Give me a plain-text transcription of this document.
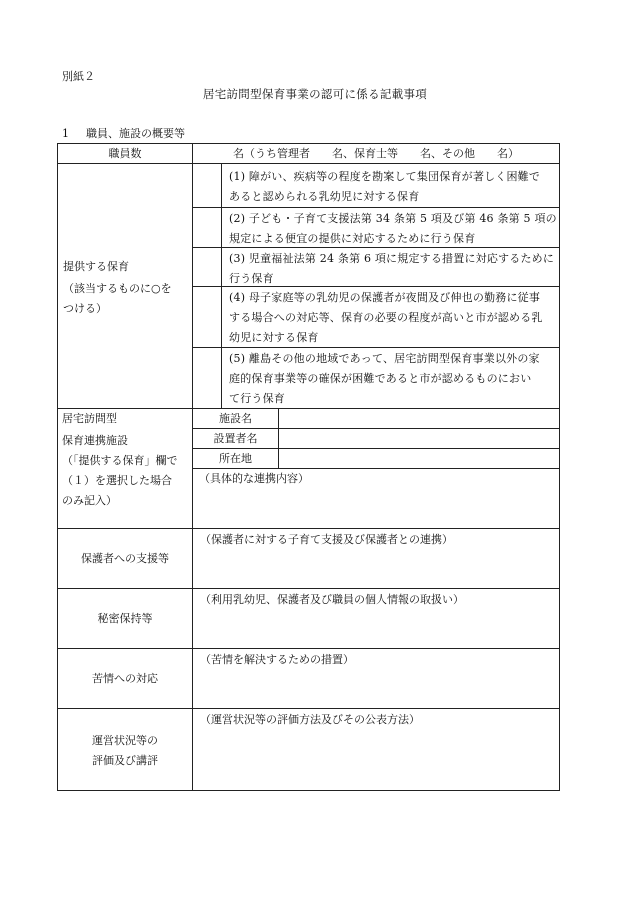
別紙２
居宅訪問型保育事業の認可に係る記載事項
1 職員、施設の概要等
職員数	名（うち管理者　　名、保育士等　　名、その他　　名）
提供する保育
（該当するものに○を
つける）
(1) 障がい、疾病等の程度を勘案して集団保育が著しく困難で
あると認められる乳幼児に対する保育
(2) 子ども・子育て支援法第 34 条第 5 項及び第 46 条第 5 項の
規定による便宜の提供に対応するために行う保育
(3) 児童福祉法第 24 条第 6 項に規定する措置に対応するために
行う保育
(4) 母子家庭等の乳幼児の保護者が夜間及び伸也の勤務に従事
する場合への対応等、保育の必要の程度が高いと市が認める乳
幼児に対する保育
(5) 離島その他の地域であって、居宅訪問型保育事業以外の家
庭的保育事業等の確保が困難であると市が認めるものにおい
て行う保育
居宅訪問型
保育連携施設
（「提供する保育」欄で
（１）を選択した場合
のみ記入）
施設名
設置者名
所在地
（具体的な連携内容）
保護者への支援等
（保護者に対する子育て支援及び保護者との連携）
秘密保持等
（利用乳幼児、保護者及び職員の個人情報の取扱い）
苦情への対応
（苦情を解決するための措置）
運営状況等の
評価及び講評
（運営状況等の評価方法及びその公表方法）
